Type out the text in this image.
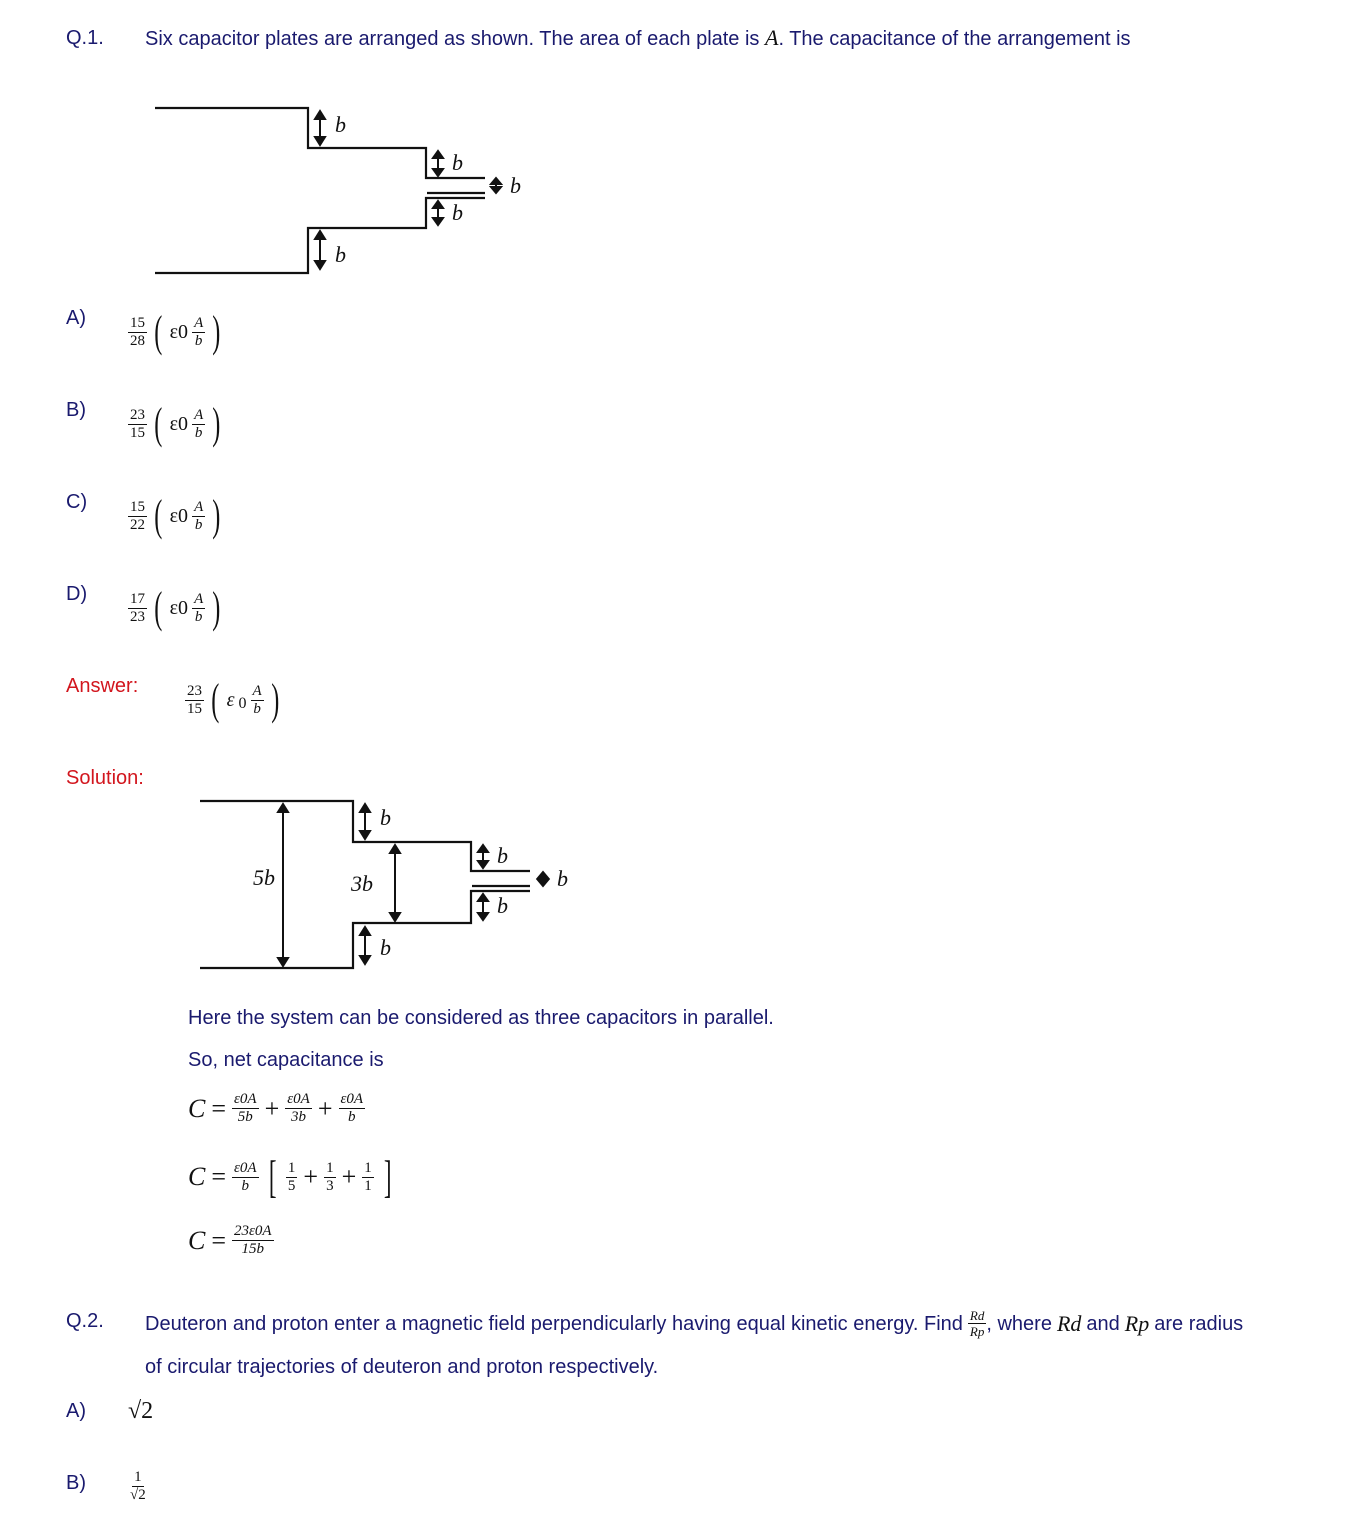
Q.1. Six capacitor plates are arranged as shown. The area of each plate is A. The capacitance of the arrangement is
b
b
b
b
b
A)	$\frac{15}{28}$ ( $\varepsilon 0 \frac{A}{b}$ )
B)	$\frac{23}{15}$ ( $\varepsilon 0 \frac{A}{b}$ )
C)	$\frac{15}{22}$ ( $\varepsilon 0 \frac{A}{b}$ )
D)	$\frac{17}{23}$ ( $\varepsilon 0 \frac{A}{b}$ )
Answer:	$\frac{23}{15}$ ( ε $0 \frac{A}{b}$ )
Solution:
5b	3b
b
b
b
b
b
Here the system can be considered as three capacitors in parallel.
So, net capacitance is
$C = \frac{\varepsilon 0A}{5b} + \frac{\varepsilon 0A}{3b} + \frac{\varepsilon 0A}{b}$
$C = \frac{\varepsilon 0A}{b}$ [ $\frac{1}{5} + \frac{1}{3} + \frac{1}{1}$ ]
$C = \frac{23\varepsilon 0A}{15b}$
Q.2. Deuteron and proton enter a magnetic field perpendicularly having equal kinetic energy. Find $\frac{Rd}{Rp}$ , where Rd and Rp are radius
of circular trajectories of deuteron and proton respectively.
A) √2
B)	$\frac{1}{√2}$
